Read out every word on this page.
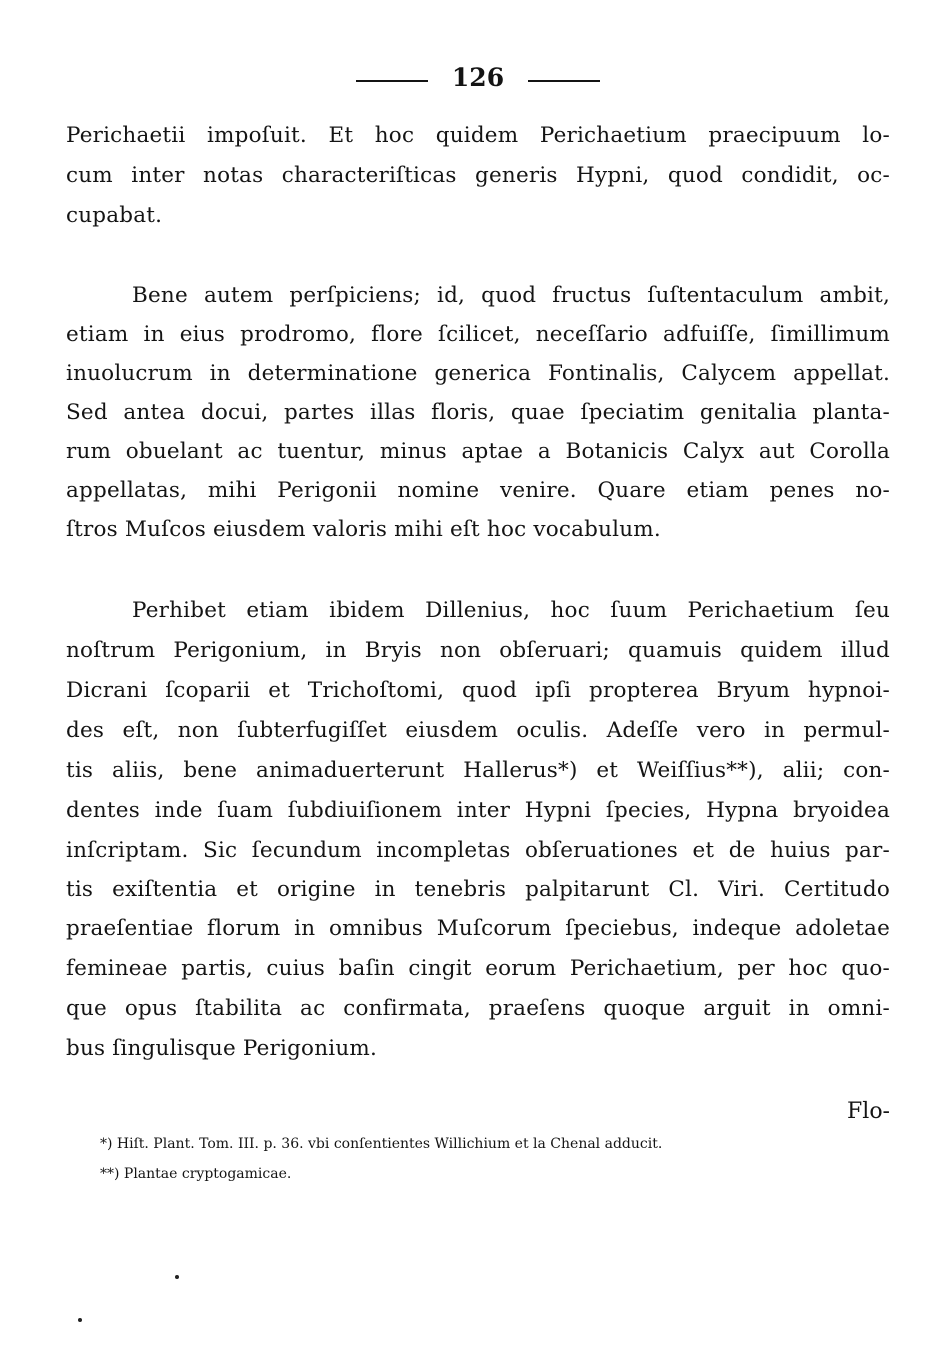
126
Perichaetii impoſuit. Et hoc quidem Perichaetium praecipuum lo-
cum inter notas characteriſticas generis Hypni, quod condidit, oc-
cupabat.
Bene autem perſpiciens; id, quod fructus ſuſtentaculum ambit,
etiam in eius prodromo, flore ſcilicet, neceſſario adfuiſſe, ſimillimum
inuolucrum in determinatione generica Fontinalis, Calycem appellat.
Sed antea docui, partes illas floris, quae ſpeciatim genitalia planta-
rum obuelant ac tuentur, minus aptae a Botanicis Calyx aut Corolla
appellatas, mihi Perigonii nomine venire. Quare etiam penes no-
ſtros Muſcos eiusdem valoris mihi eſt hoc vocabulum.
Perhibet etiam ibidem Dillenius, hoc ſuum Perichaetium ſeu
noſtrum Perigonium, in Bryis non obſeruari; quamuis quidem illud
Dicrani ſcoparii et Trichoſtomi, quod ipſi propterea Bryum hypnoi-
des eſt, non ſubterfugiſſet eiusdem oculis. Adeſſe vero in permul-
tis aliis, bene animaduerterunt Hallerus*) et Weiſſius**), alii; con-
dentes inde ſuam ſubdiuiſionem inter Hypni ſpecies, Hypna bryoidea
inſcriptam. Sic ſecundum incompletas obſeruationes et de huius par-
tis exiſtentia et origine in tenebris palpitarunt Cl. Viri. Certitudo
praeſentiae florum in omnibus Muſcorum ſpeciebus, indeque adoletae
femineae partis, cuius baſin cingit eorum Perichaetium, per hoc quo-
que opus ſtabilita ac confirmata, praeſens quoque arguit in omni-
bus ſingulisque Perigonium.
Flo-
*) Hiſt. Plant. Tom. III. p. 36. vbi conſentientes Willichium et la Chenal adducit.
**) Plantae cryptogamicae.
